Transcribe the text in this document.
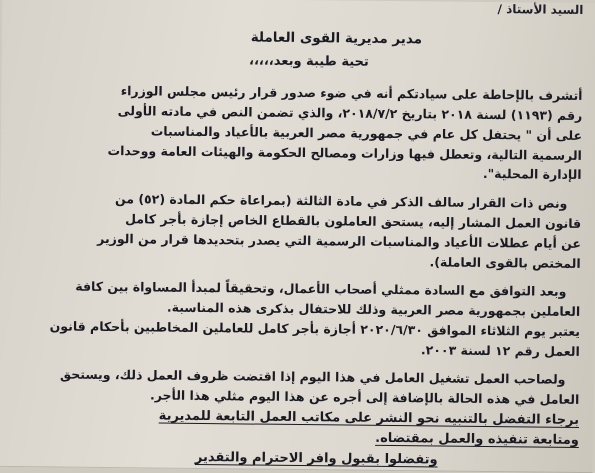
السيد الأستاذ /
مدير مديرية القوى العاملة
تحية طيبة وبعد،،،،،
أتشرف بالإحاطة على سيادتكم أنه في ضوء صدور قرار رئيس مجلس الوزراء
رقم (١١٩٣) لسنة ٢٠١٨ بتاريخ ٢٠١٨/٧/٢، والذي تضمن النص في مادته الأولى
على أن " يحتفل كل عام في جمهورية مصر العربية بالأعياد والمناسبات
الرسمية التالية، وتعطل فيها وزارات ومصالح الحكومة والهيئات العامة ووحدات
الإدارة المحلية".
ونص ذات القرار سالف الذكر في مادة الثالثة (بمراعاة حكم المادة (٥٢) من
قانون العمل المشار إليه، يستحق العاملون بالقطاع الخاص إجازة بأجر كامل
عن أيام عطلات الأعياد والمناسبات الرسمية التي يصدر بتحديدها قرار من الوزير
المختص بالقوى العاملة).
وبعد التوافق مع السادة ممثلي أصحاب الأعمال، وتحقيقاً لمبدأ المساواة بين كافة
العاملين بجمهورية مصر العربية وذلك للاحتفال بذكرى هذه المناسبة.
يعتبر يوم الثلاثاء الموافق ٢٠٢٠/٦/٣٠ أجازة بأجر كامل للعاملين المخاطبين بأحكام قانون
العمل رقم ١٢ لسنة ٢٠٠٣.
ولصاحب العمل تشغيل العامل في هذا اليوم إذا اقتضت ظروف العمل ذلك، ويستحق
العامل في هذه الحالة بالإضافة إلى أجره عن هذا اليوم مثلي هذا الأجر.
برجاء التفضل بالتنبيه نحو النشر على مكاتب العمل التابعة للمديرية
ومتابعة تنفيذه والعمل بمقتضاه.
وتفضلوا بقبول وافر الاحترام والتقدير
